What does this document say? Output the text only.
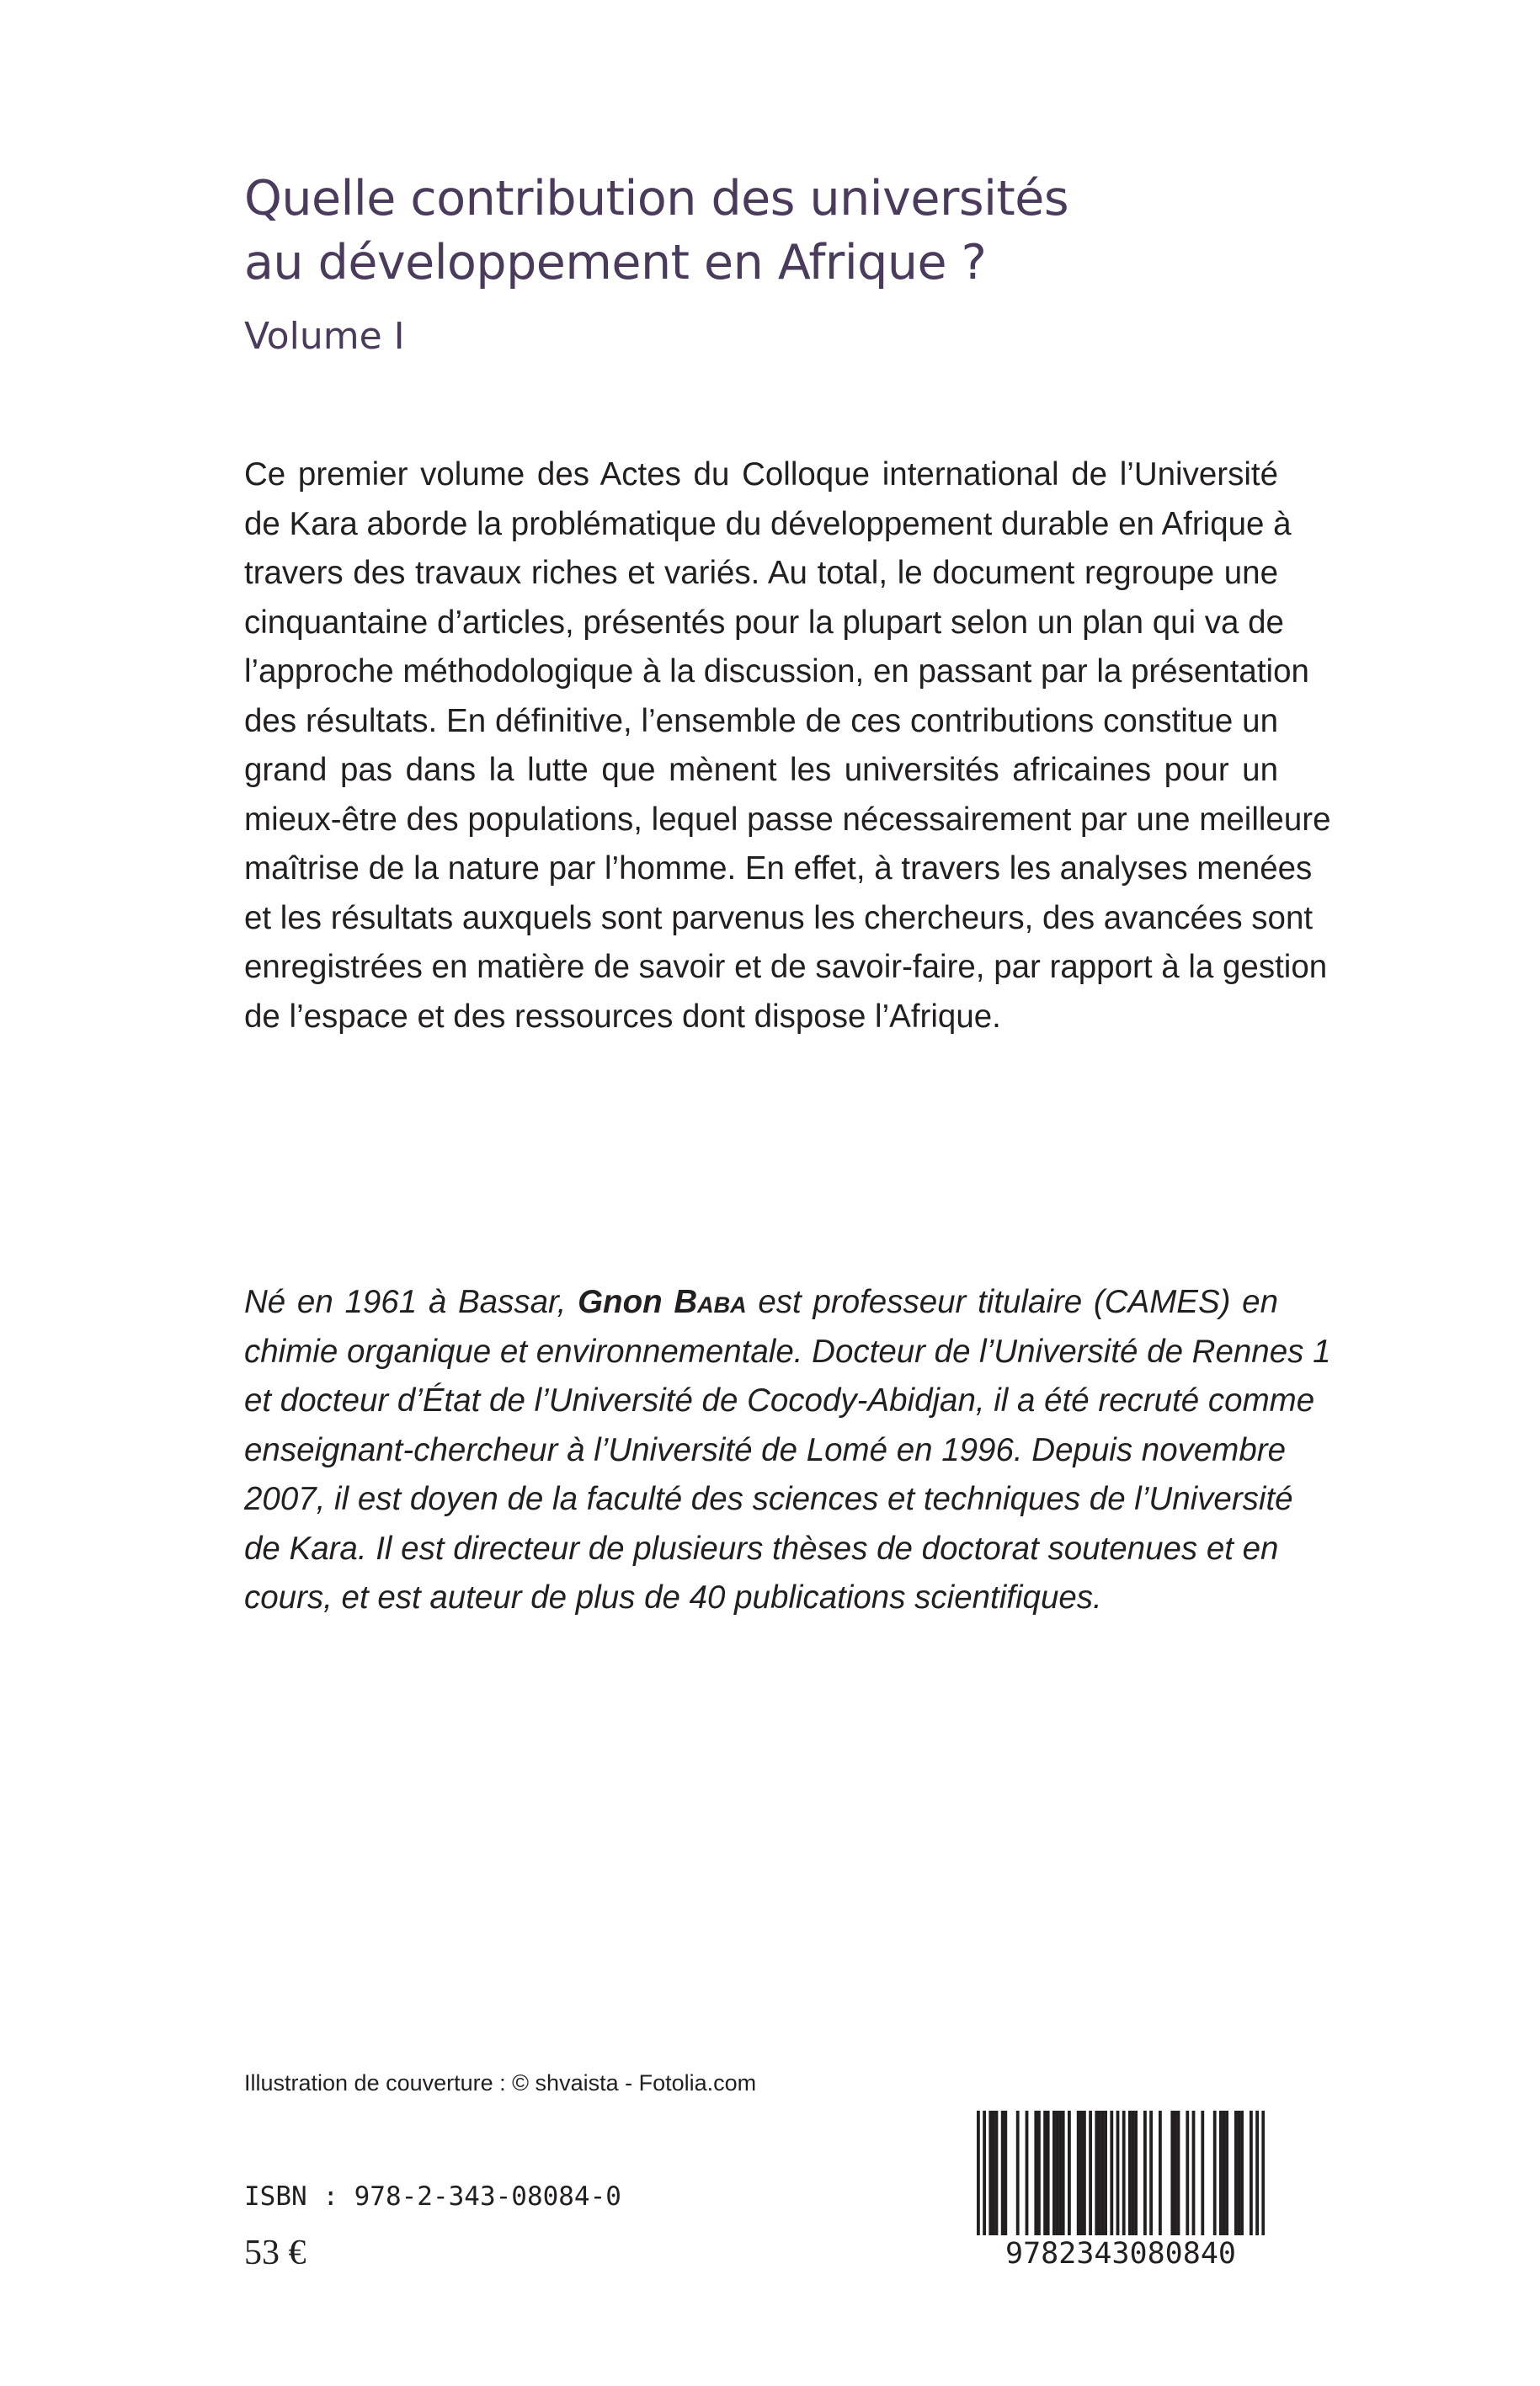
Quelle contribution des universités
au développement en Afrique ?
Volume I
Ce premier volume des Actes du Colloque international de l’Université
de Kara aborde la problématique du développement durable en Afrique à
travers des travaux riches et variés. Au total, le document regroupe une
cinquantaine d’articles, présentés pour la plupart selon un plan qui va de
l’approche méthodologique à la discussion, en passant par la présentation
des résultats. En définitive, l’ensemble de ces contributions constitue un
grand pas dans la lutte que mènent les universités africaines pour un
mieux-être des populations, lequel passe nécessairement par une meilleure
maîtrise de la nature par l’homme. En effet, à travers les analyses menées
et les résultats auxquels sont parvenus les chercheurs, des avancées sont
enregistrées en matière de savoir et de savoir-faire, par rapport à la gestion
de l’espace et des ressources dont dispose l’Afrique.
Né en 1961 à Bassar, Gnon Baba est professeur titulaire (CAMES) en
chimie organique et environnementale. Docteur de l’Université de Rennes 1
et docteur d’État de l’Université de Cocody-Abidjan, il a été recruté comme
enseignant-chercheur à l’Université de Lomé en 1996. Depuis novembre
2007, il est doyen de la faculté des sciences et techniques de l’Université
de Kara. Il est directeur de plusieurs thèses de doctorat soutenues et en
cours, et est auteur de plus de 40 publications scientifiques.
Illustration de couverture : © shvaista - Fotolia.com
ISBN : 978-2-343-08084-0
53 €	9782343080840
